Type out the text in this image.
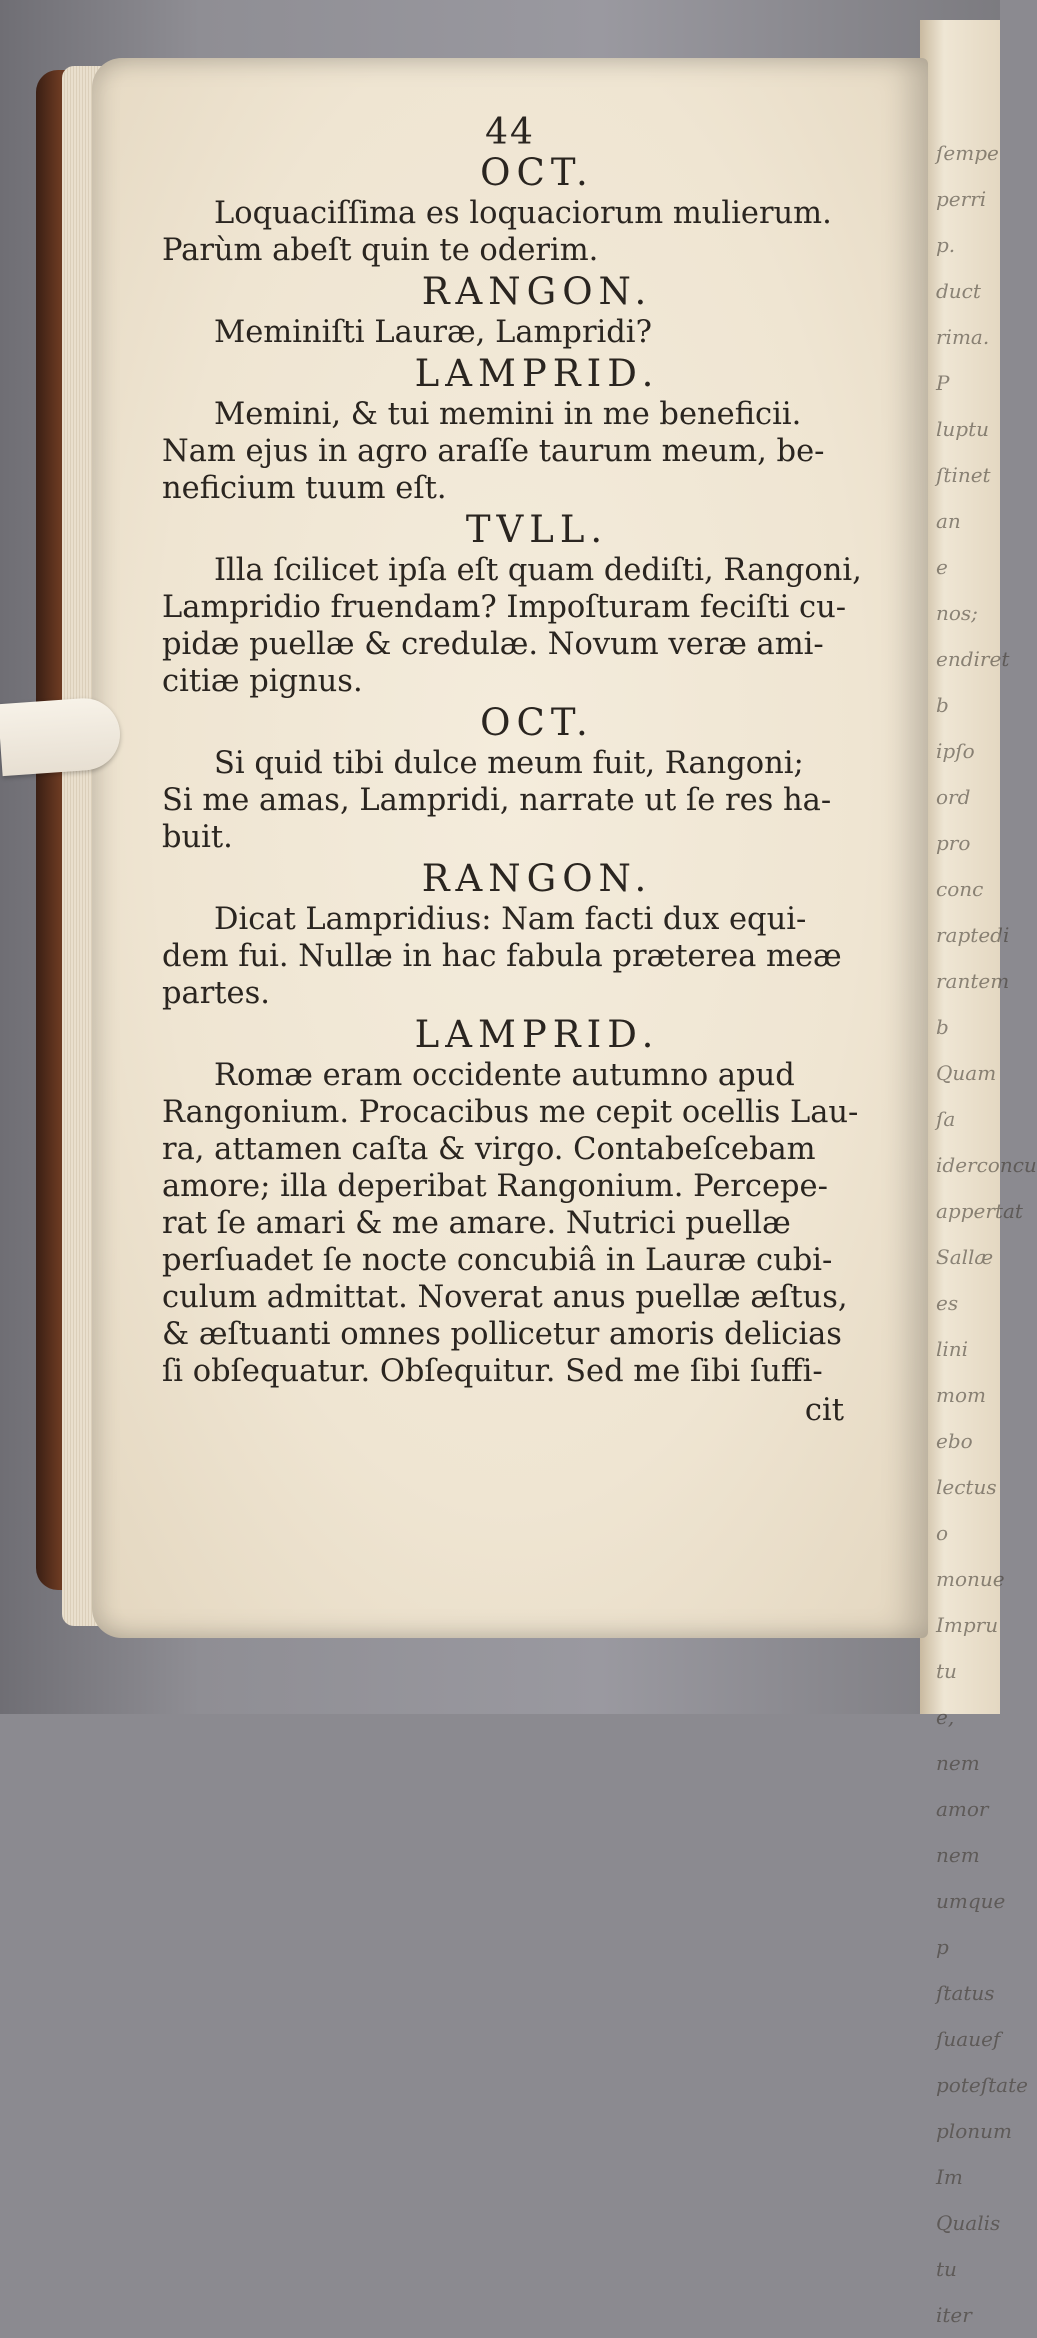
ſempe
perri
p. duct
rima. P
luptu
ſtinet an
e nos;
endiret b
ipſo ord
pro conc
raptedi
rantem b
Quam ſa
iderconcu
appertat
Sallæ es
lini mom
ebo lectus
o monue
Impru tu
e, nem
amor nem
umque p
ſtatus
ſuauef
poteſtate
plonum
Im
Qualis
tu
iter
44
OCT.
Loquaciſſima es loquaciorum mulierum.
Parùm abeſt quin te oderim.
RANGON.
Meminiſti Lauræ, Lampridi?
LAMPRID.
Memini, & tui memini in me beneficii.
Nam ejus in agro araſſe taurum meum, be-
neficium tuum eſt.
TVLL.
Illa ſcilicet ipſa eſt quam dediſti, Rangoni,
Lampridio fruendam? Impoſturam feciſti cu-
pidæ puellæ & credulæ. Novum veræ ami-
citiæ pignus.
OCT.
Si quid tibi dulce meum fuit, Rangoni;
Si me amas, Lampridi, narrate ut ſe res ha-
buit.
RANGON.
Dicat Lampridius: Nam facti dux equi-
dem fui. Nullæ in hac fabula præterea meæ
partes.
LAMPRID.
Romæ eram occidente autumno apud
Rangonium. Procacibus me cepit ocellis Lau-
ra, attamen caſta & virgo. Contabeſcebam
amore; illa deperibat Rangonium. Percepe-
rat ſe amari & me amare. Nutrici puellæ
perſuadet ſe nocte concubiâ in Lauræ cubi-
culum admittat. Noverat anus puellæ æſtus,
& æſtuanti omnes pollicetur amoris delicias
ſi obſequatur. Obſequitur. Sed me ſibi ſuffi-
cit
